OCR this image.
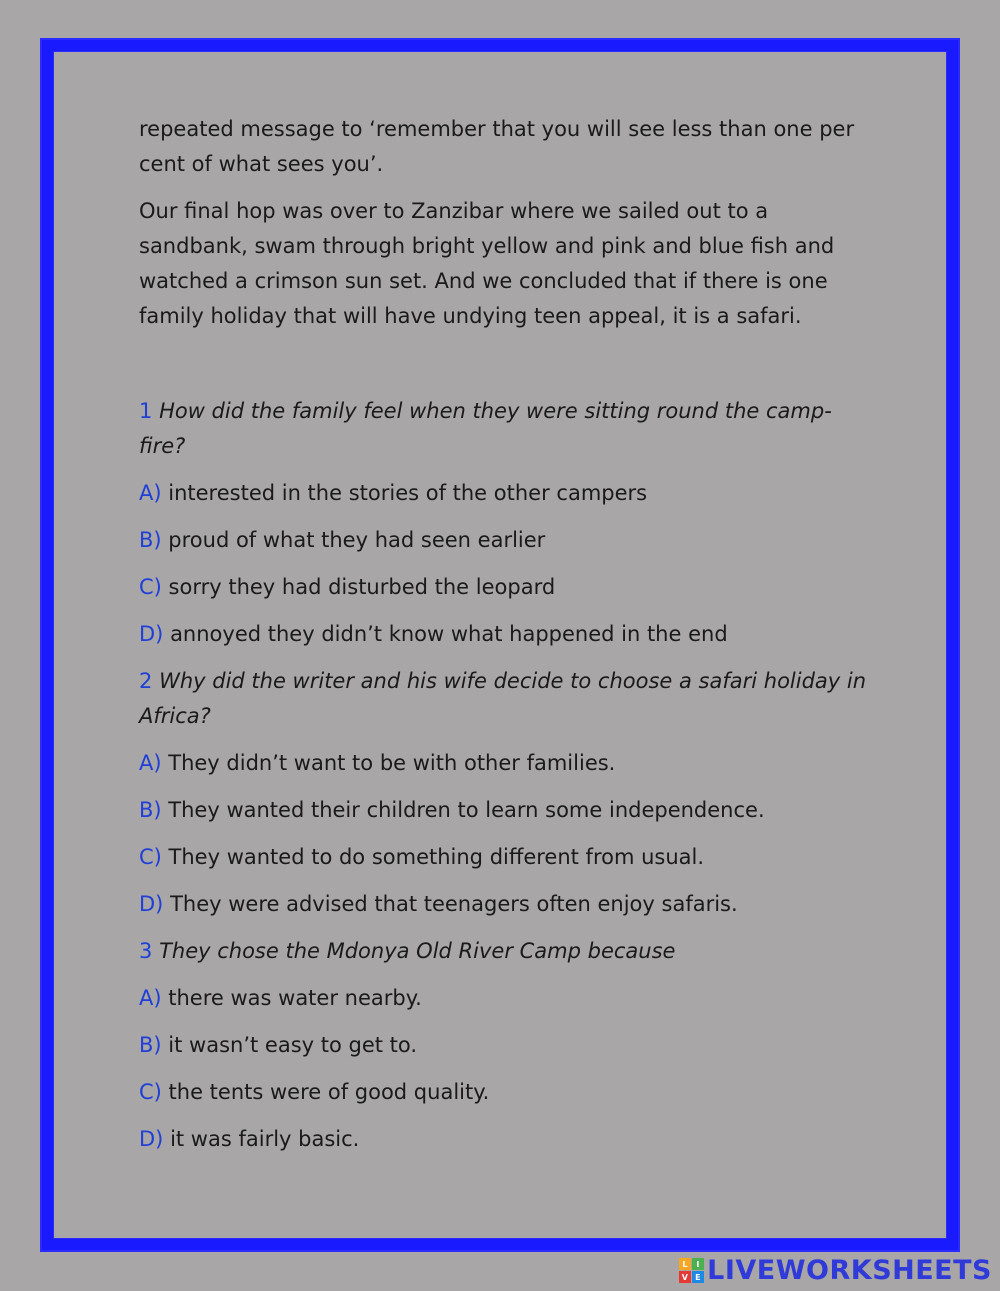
repeated message to ‘remember that you will see less than one per cent of what sees you’.

Our final hop was over to Zanzibar where we sailed out to a sandbank, swam through bright yellow and pink and blue fish and watched a crimson sun set. And we concluded that if there is one family holiday that will have undying teen appeal, it is a safari.

1 How did the family feel when they were sitting round the camp-fire?

A) interested in the stories of the other campers

B) proud of what they had seen earlier

C) sorry they had disturbed the leopard

D) annoyed they didn’t know what happened in the end

2 Why did the writer and his wife decide to choose a safari holiday in Africa?

A) They didn’t want to be with other families.

B) They wanted their children to learn some independence.

C) They wanted to do something different from usual.

D) They were advised that teenagers often enjoy safaris.

3 They chose the Mdonya Old River Camp because

A) there was water nearby.

B) it wasn’t easy to get to.

C) the tents were of good quality.

D) it was fairly basic.

L	I
V E LIVEWORKSHEETS
